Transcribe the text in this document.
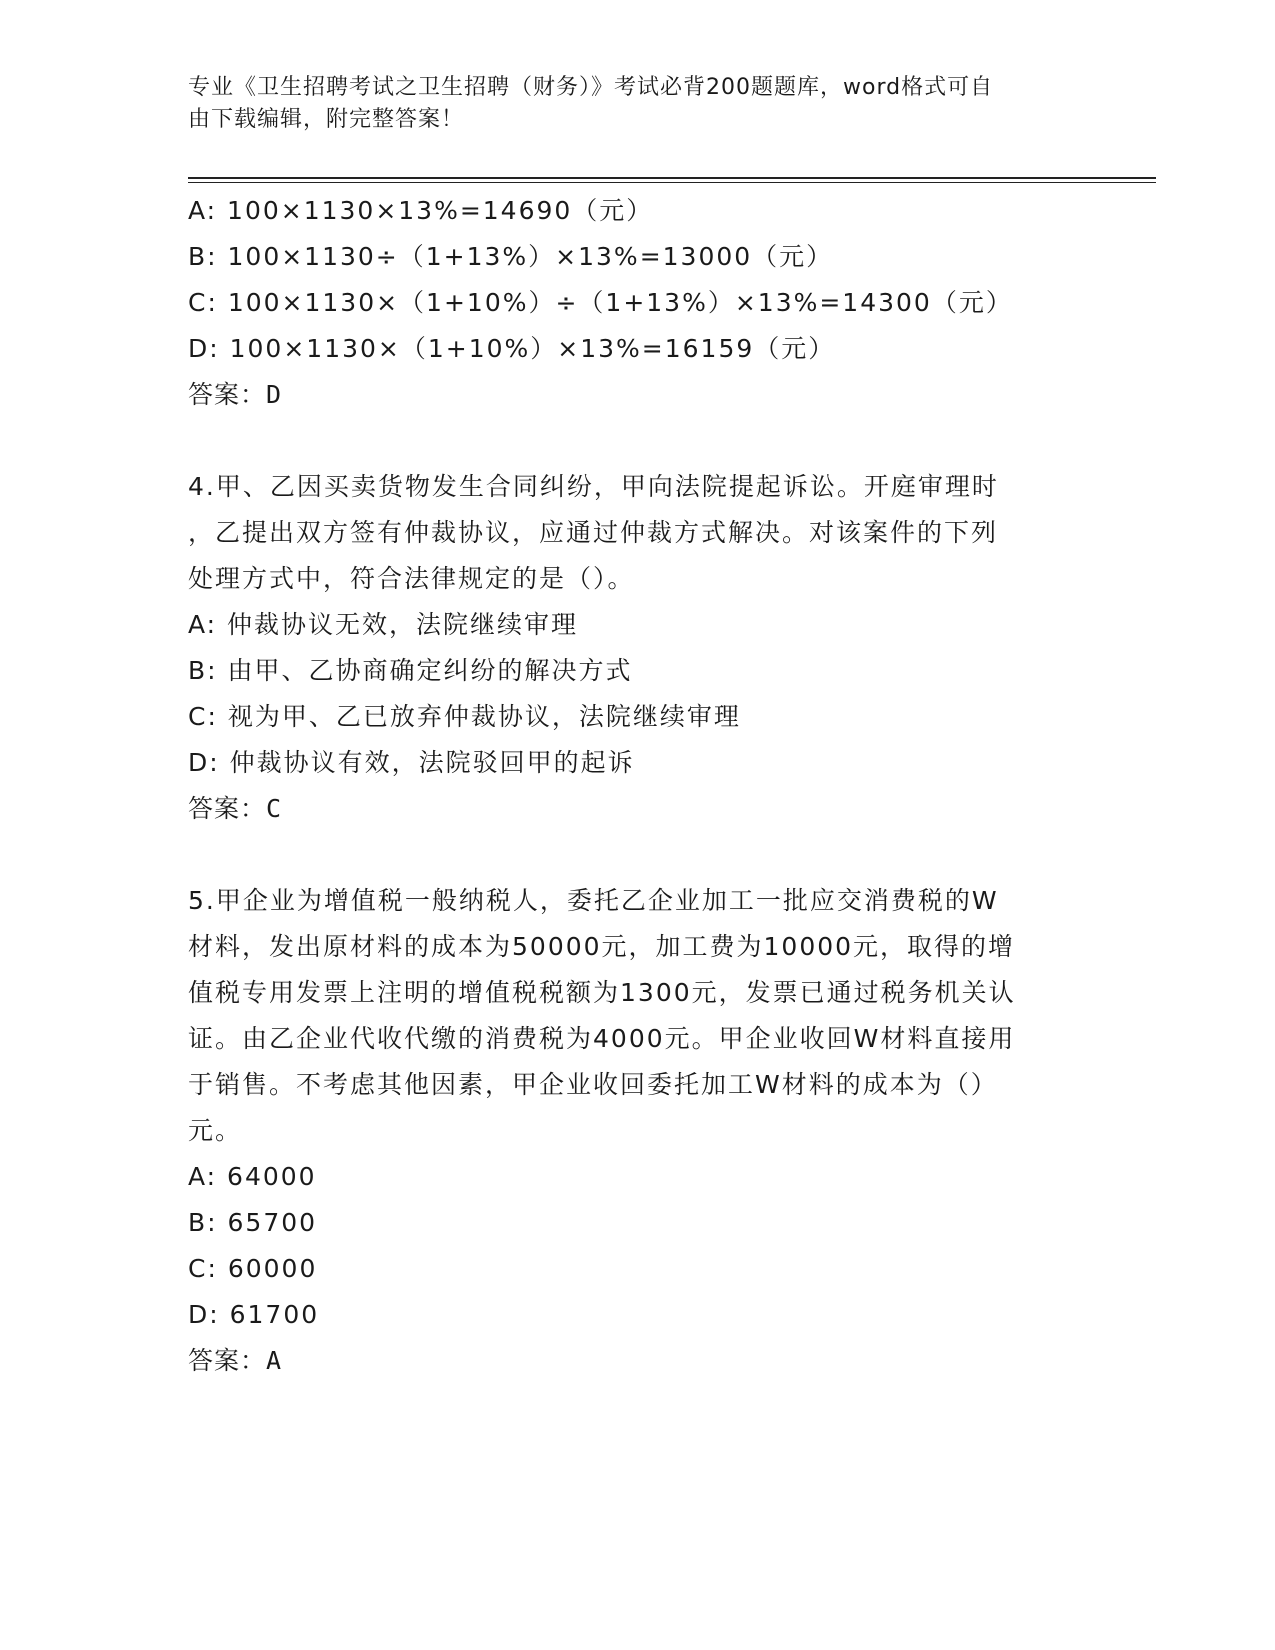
专业《卫生招聘考试之卫生招聘（财务）》考试必背200题题库，word格式可自
由下载编辑，附完整答案！
A: 100×1130×13%=14690（元）
B: 100×1130÷（1+13%）×13%=13000（元）
C: 100×1130×（1+10%）÷（1+13%）×13%=14300（元）
D: 100×1130×（1+10%）×13%=16159（元）
答案：D
4.甲、乙因买卖货物发生合同纠纷，甲向法院提起诉讼。开庭审理时
，乙提出双方签有仲裁协议，应通过仲裁方式解决。对该案件的下列
处理方式中，符合法律规定的是（）。
A: 仲裁协议无效，法院继续审理
B: 由甲、乙协商确定纠纷的解决方式
C: 视为甲、乙已放弃仲裁协议，法院继续审理
D: 仲裁协议有效，法院驳回甲的起诉
答案：C
5.甲企业为增值税一般纳税人，委托乙企业加工一批应交消费税的W
材料，发出原材料的成本为50000元，加工费为10000元，取得的增
值税专用发票上注明的增值税税额为1300元，发票已通过税务机关认
证。由乙企业代收代缴的消费税为4000元。甲企业收回W材料直接用
于销售。不考虑其他因素，甲企业收回委托加工W材料的成本为（）
元。
A: 64000
B: 65700
C: 60000
D: 61700
答案：A
